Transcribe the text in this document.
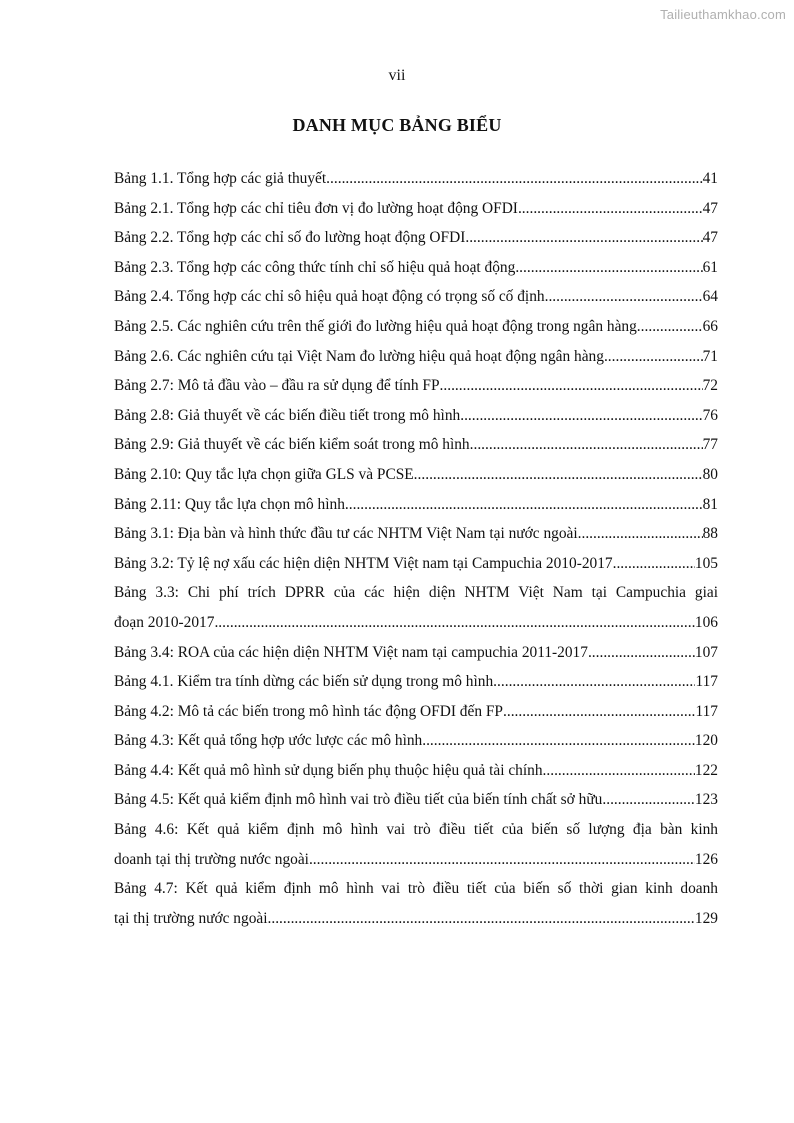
Tailieuthamkhao.com
vii
DANH MỤC BẢNG BIỂU
Bảng 1.1. Tổng hợp các giả thuyết .....	41
Bảng 2.1. Tổng hợp các chỉ tiêu đơn vị đo lường hoạt động OFDI .....	47
Bảng 2.2. Tổng hợp các chỉ số đo lường hoạt động OFDI .....	47
Bảng 2.3. Tổng hợp các công thức tính chỉ số hiệu quả hoạt động .....	61
Bảng 2.4. Tổng hợp các chỉ sô hiệu quả hoạt động có trọng số cố định .....	64
Bảng 2.5. Các nghiên cứu trên thế giới đo lường hiệu quả hoạt động trong ngân hàng .....	66
Bảng 2.6. Các nghiên cứu tại Việt Nam đo lường hiệu quả hoạt động ngân hàng .....	71
Bảng 2.7: Mô tả đầu vào – đầu ra sử dụng để tính FP .....	72
Bảng 2.8: Giả thuyết về các biến điều tiết trong mô hình .....	76
Bảng 2.9: Giả thuyết về các biến kiểm soát trong mô hình .....	77
Bảng 2.10: Quy tắc lựa chọn giữa GLS và PCSE .....	80
Bảng 2.11: Quy tắc lựa chọn mô hình .....	81
Bảng 3.1: Địa bàn và hình thức đầu tư các NHTM Việt Nam tại nước ngoài .....	88
Bảng 3.2: Tỷ lệ nợ xấu các hiện diện NHTM Việt nam tại Campuchia 2010-2017 .....	105
Bảng 3.3: Chi phí trích DPRR của các hiện diện NHTM Việt Nam tại Campuchia giai
đoạn 2010-2017 .....	106
Bảng 3.4: ROA của các hiện diện NHTM Việt nam tại campuchia 2011-2017 .....	107
Bảng 4.1. Kiểm tra tính dừng các biến sử dụng trong mô hình .....	117
Bảng 4.2: Mô tả các biến trong mô hình tác động OFDI đến FP .....	117
Bảng 4.3: Kết quả tổng hợp ước lược các mô hình .....	120
Bảng 4.4: Kết quả mô hình sử dụng biến phụ thuộc hiệu quả tài chính .....	122
Bảng 4.5: Kết quả kiểm định mô hình vai trò điều tiết của biến tính chất sở hữu .....	123
Bảng 4.6: Kết quả kiểm định mô hình vai trò điều tiết của biến số lượng địa bàn kinh
doanh tại thị trường nước ngoài .....	126
Bảng 4.7: Kết quả kiểm định mô hình vai trò điều tiết của biến số thời gian kinh doanh
tại thị trường nước ngoài .....	129
